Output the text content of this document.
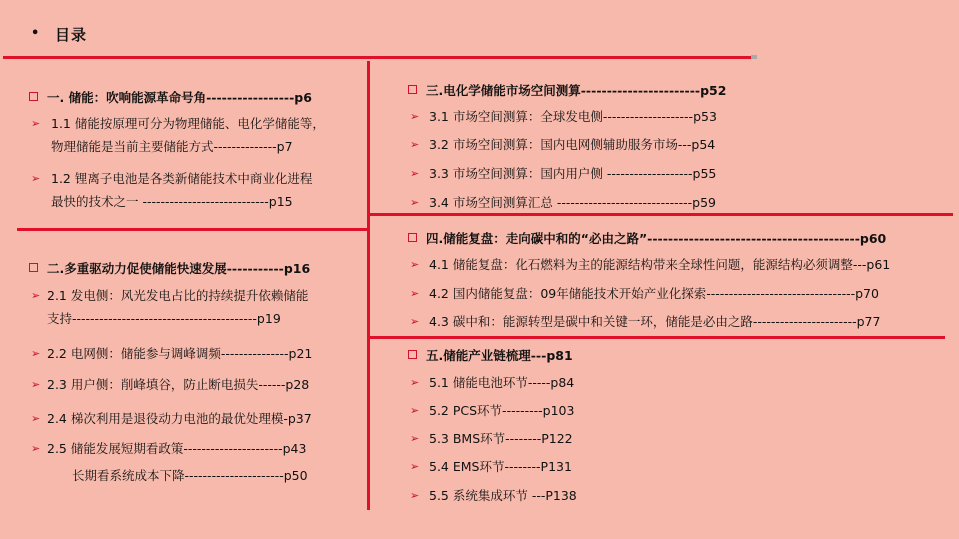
• 目录
一. 储能：吹响能源革命号角-----------------p6
➢ 1.1 储能按原理可分为物理储能、电化学储能等，
物理储能是当前主要储能方式--------------p7
➢ 1.2 锂离子电池是各类新储能技术中商业化进程
最快的技术之一 ----------------------------p15
二.多重驱动力促使储能快速发展-----------p16
➢ 2.1 发电侧：风光发电占比的持续提升依赖储能
支持-----------------------------------------p19
➢ 2.2 电网侧：储能参与调峰调频---------------p21
➢ 2.3 用户侧：削峰填谷，防止断电损失------p28
➢ 2.4 梯次利用是退役动力电池的最优处理模-p37
➢ 2.5 储能发展短期看政策----------------------p43
长期看系统成本下降----------------------p50
三.电化学储能市场空间测算-----------------------p52
➢ 3.1 市场空间测算：全球发电侧--------------------p53
➢ 3.2 市场空间测算：国内电网侧辅助服务市场---p54
➢ 3.3 市场空间测算：国内用户侧 -------------------p55
➢ 3.4 市场空间测算汇总 ------------------------------p59
四.储能复盘：走向碳中和的“必由之路”-----------------------------------------p60
➢ 4.1 储能复盘：化石燃料为主的能源结构带来全球性问题，能源结构必须调整---p61
➢ 4.2 国内储能复盘：09年储能技术开始产业化探索---------------------------------p70
➢ 4.3 碳中和：能源转型是碳中和关键一环，储能是必由之路-----------------------p77
五.储能产业链梳理---p81
➢ 5.1 储能电池环节-----p84
➢ 5.2 PCS环节---------p103
➢ 5.3 BMS环节--------P122
➢ 5.4 EMS环节--------P131
➢ 5.5 系统集成环节 ---P138
